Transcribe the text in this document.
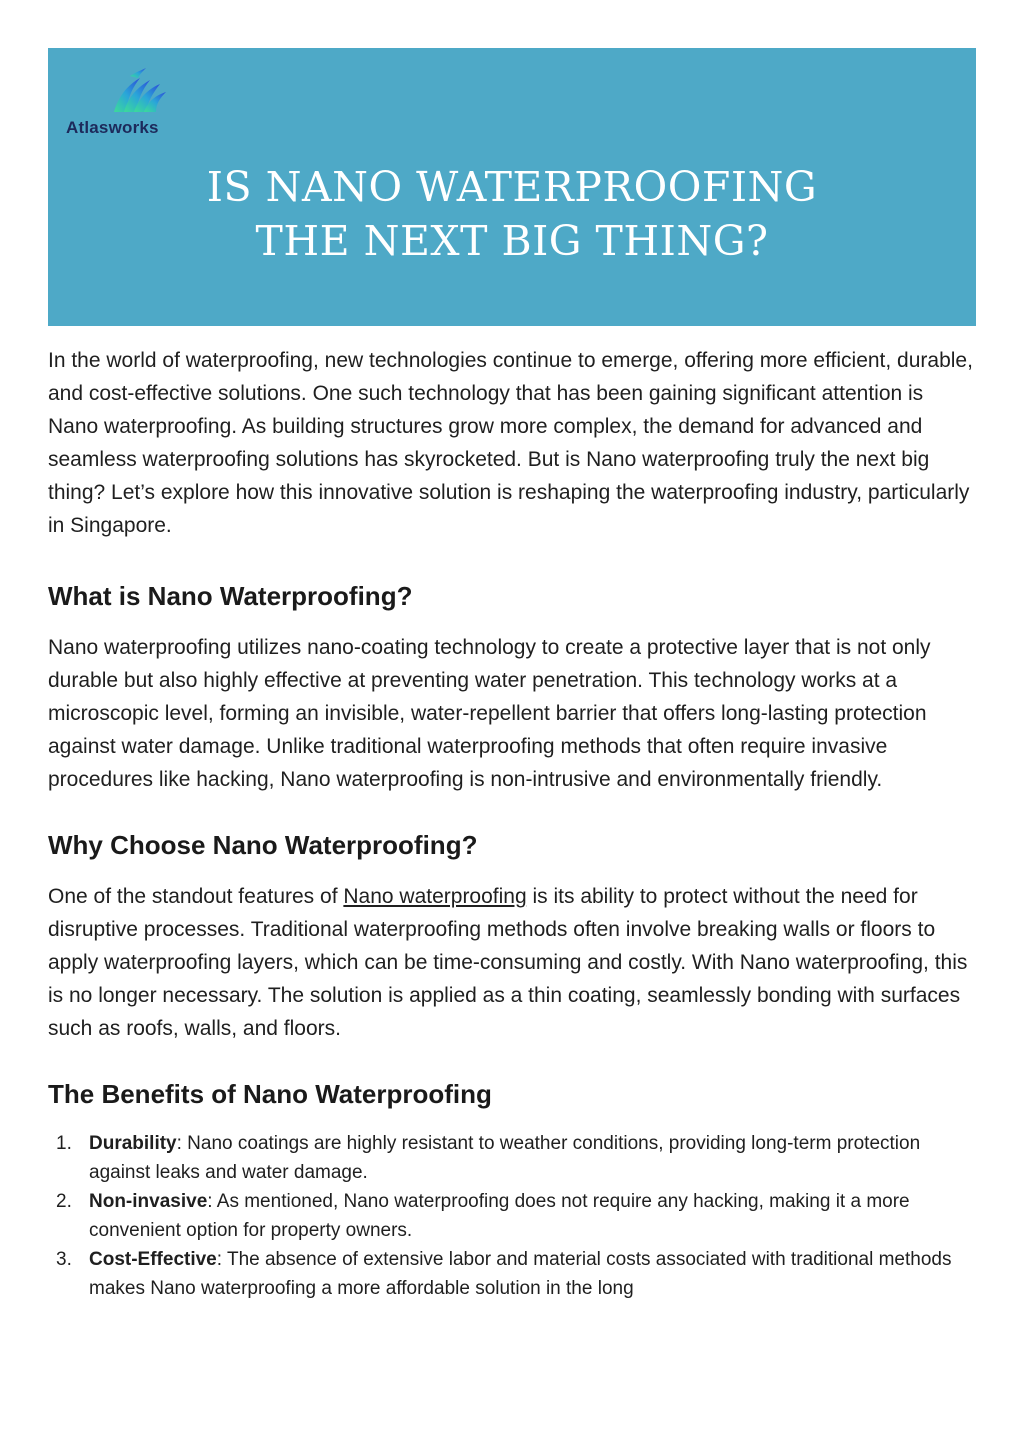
Atlasworks
IS NANO WATERPROOFING
THE NEXT BIG THING?

In the world of waterproofing, new technologies continue to emerge, offering more efficient, durable, and cost-effective solutions. One such technology that has been gaining significant attention is Nano waterproofing. As building structures grow more complex, the demand for advanced and seamless waterproofing solutions has skyrocketed. But is Nano waterproofing truly the next big thing? Let’s explore how this innovative solution is reshaping the waterproofing industry, particularly in Singapore.

What is Nano Waterproofing?

Nano waterproofing utilizes nano-coating technology to create a protective layer that is not only durable but also highly effective at preventing water penetration. This technology works at a microscopic level, forming an invisible, water-repellent barrier that offers long-lasting protection against water damage. Unlike traditional waterproofing methods that often require invasive procedures like hacking, Nano waterproofing is non-intrusive and environmentally friendly.

Why Choose Nano Waterproofing?

One of the standout features of Nano waterproofing is its ability to protect without the need for disruptive processes. Traditional waterproofing methods often involve breaking walls or floors to apply waterproofing layers, which can be time-consuming and costly. With Nano waterproofing, this is no longer necessary. The solution is applied as a thin coating, seamlessly bonding with surfaces such as roofs, walls, and floors.

The Benefits of Nano Waterproofing
1. Durability: Nano coatings are highly resistant to weather conditions, providing long-term protection against leaks and water damage.
2. Non-invasive: As mentioned, Nano waterproofing does not require any hacking, making it a more convenient option for property owners.
3. Cost-Effective: The absence of extensive labor and material costs associated with traditional methods makes Nano waterproofing a more affordable solution in the long
